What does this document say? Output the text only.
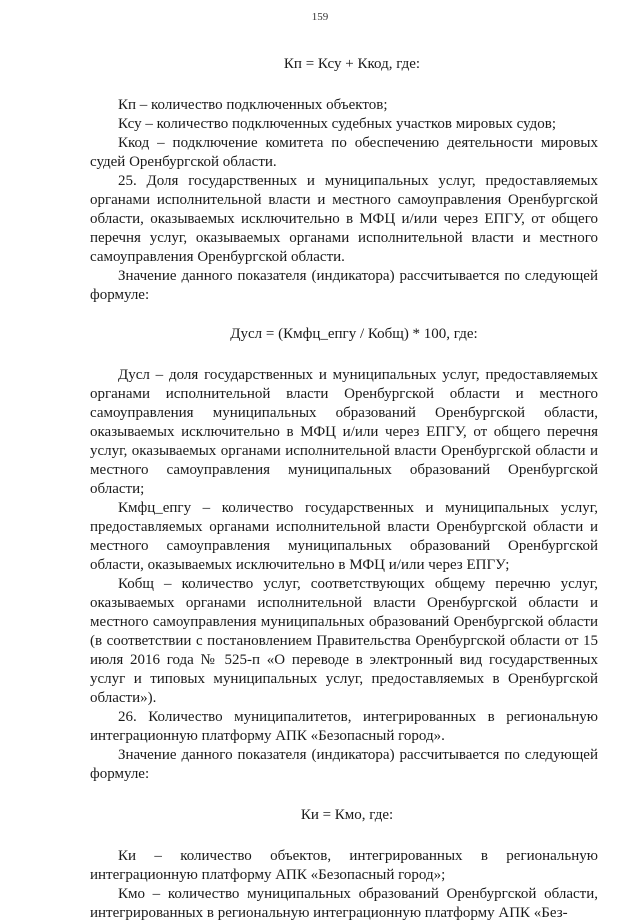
159

Кп = Ксу + Ккод, где:

Кп – количество подключенных объектов;

Ксу – количество подключенных судебных участков мировых судов;

Ккод – подключение комитета по обеспечению деятельности мировых судей Оренбургской области.

25. Доля государственных и муниципальных услуг, предоставляемых органами исполнительной власти и местного самоуправления Оренбургской области, оказываемых исключительно в МФЦ и/или через ЕПГУ, от общего перечня услуг, оказываемых органами исполнительной власти и местного самоуправления Оренбургской области.

Значение данного показателя (индикатора) рассчитывается по следующей формуле:

Дусл = (Кмфц_епгу / Кобщ) * 100, где:

Дусл – доля государственных и муниципальных услуг, предоставляемых органами исполнительной власти Оренбургской области и местного самоуправления муниципальных образований Оренбургской области, оказываемых исключительно в МФЦ и/или через ЕПГУ, от общего перечня услуг, оказываемых органами исполнительной власти Оренбургской области и местного самоуправления муниципальных образований Оренбургской области;

Кмфц_епгу – количество государственных и муниципальных услуг, предоставляемых органами исполнительной власти Оренбургской области и местного самоуправления муниципальных образований Оренбургской области, оказываемых исключительно в МФЦ и/или через ЕПГУ;

Кобщ – количество услуг, соответствующих общему перечню услуг, оказываемых органами исполнительной власти Оренбургской области и местного самоуправления муниципальных образований Оренбургской области (в соответствии с постановлением Правительства Оренбургской области от 15 июля 2016 года № 525-п «О переводе в электронный вид государственных услуг и типовых муниципальных услуг, предоставляемых в Оренбургской области»).

26. Количество муниципалитетов, интегрированных в региональную интеграционную платформу АПК «Безопасный город».

Значение данного показателя (индикатора) рассчитывается по следующей формуле:

Ки = Кмо, где:

Ки – количество объектов, интегрированных в региональную интеграционную платформу АПК «Безопасный город»;

Кмо – количество муниципальных образований Оренбургской области, интегрированных в региональную интеграционную платформу АПК «Без-
